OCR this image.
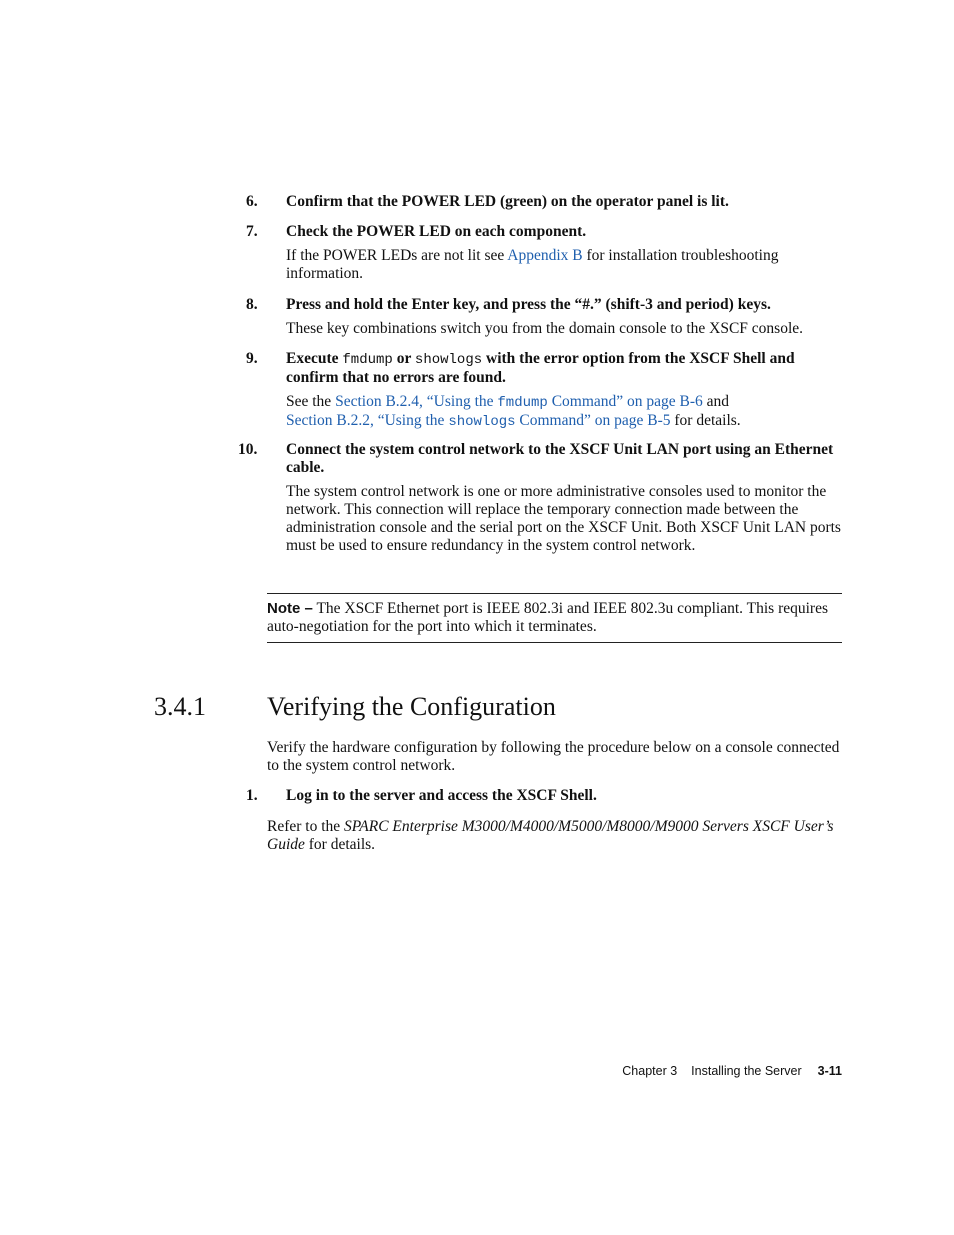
6.	Confirm that the POWER LED (green) on the operator panel is lit.
7.	Check the POWER LED on each component.
If the POWER LEDs are not lit see Appendix B for installation troubleshooting information.
8.	Press and hold the Enter key, and press the “#.” (shift-3 and period) keys.
These key combinations switch you from the domain console to the XSCF console.
9.	Execute fmdump or showlogs with the error option from the XSCF Shell and confirm that no errors are found.
See the Section B.2.4, “Using the fmdump Command” on page B-6 and
Section B.2.2, “Using the showlogs Command” on page B-5 for details.
10. Connect the system control network to the XSCF Unit LAN port using an Ethernet cable.
The system control network is one or more administrative consoles used to monitor the network. This connection will replace the temporary connection made between the administration console and the serial port on the XSCF Unit. Both XSCF Unit LAN ports must be used to ensure redundancy in the system control network.
Note – The XSCF Ethernet port is IEEE 802.3i and IEEE 802.3u compliant. This requires auto-negotiation for the port into which it terminates.
3.4.1 Verifying the Configuration
Verify the hardware configuration by following the procedure below on a console connected to the system control network.
1.	Log in to the server and access the XSCF Shell.
Refer to the SPARC Enterprise M3000/M4000/M5000/M8000/M9000 Servers XSCF User’s Guide for details.
Chapter 3 Installing the Server 3-11
